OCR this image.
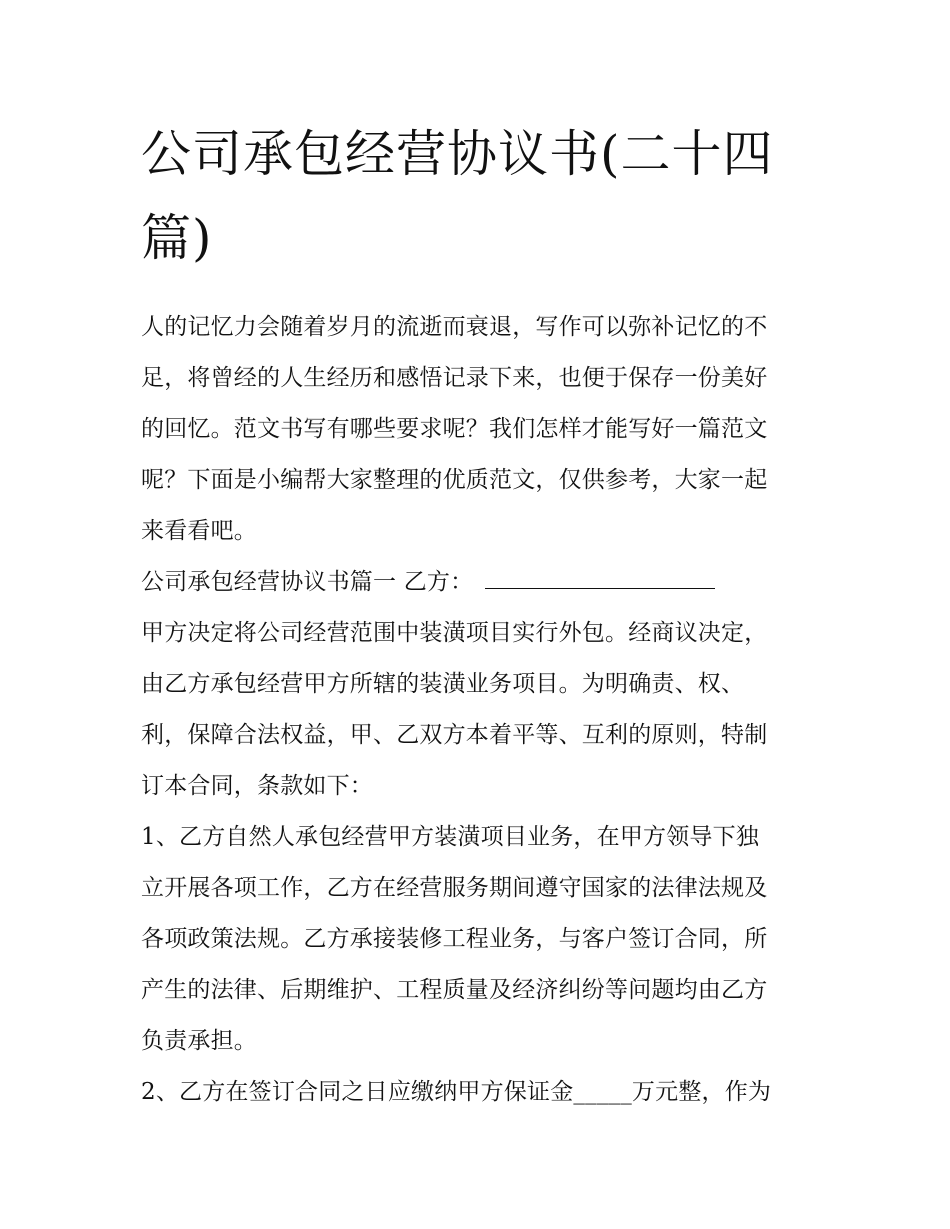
公司承包经营协议书(二十四
篇)

人的记忆力会随着岁月的流逝而衰退，写作可以弥补记忆的不
足，将曾经的人生经历和感悟记录下来，也便于保存一份美好
的回忆。范文书写有哪些要求呢？我们怎样才能写好一篇范文
呢？下面是小编帮大家整理的优质范文，仅供参考，大家一起
来看看吧。

公司承包经营协议书篇一 乙方：

甲方决定将公司经营范围中装潢项目实行外包。经商议决定，
由乙方承包经营甲方所辖的装潢业务项目。为明确责、权、
利，保障合法权益，甲、乙双方本着平等、互利的原则，特制
订本合同，条款如下：

1、乙方自然人承包经营甲方装潢项目业务，在甲方领导下独
立开展各项工作，乙方在经营服务期间遵守国家的法律法规及
各项政策法规。乙方承接装修工程业务，与客户签订合同，所
产生的法律、后期维护、工程质量及经济纠纷等问题均由乙方
负责承担。

2、乙方在签订合同之日应缴纳甲方保证金_____万元整，作为
